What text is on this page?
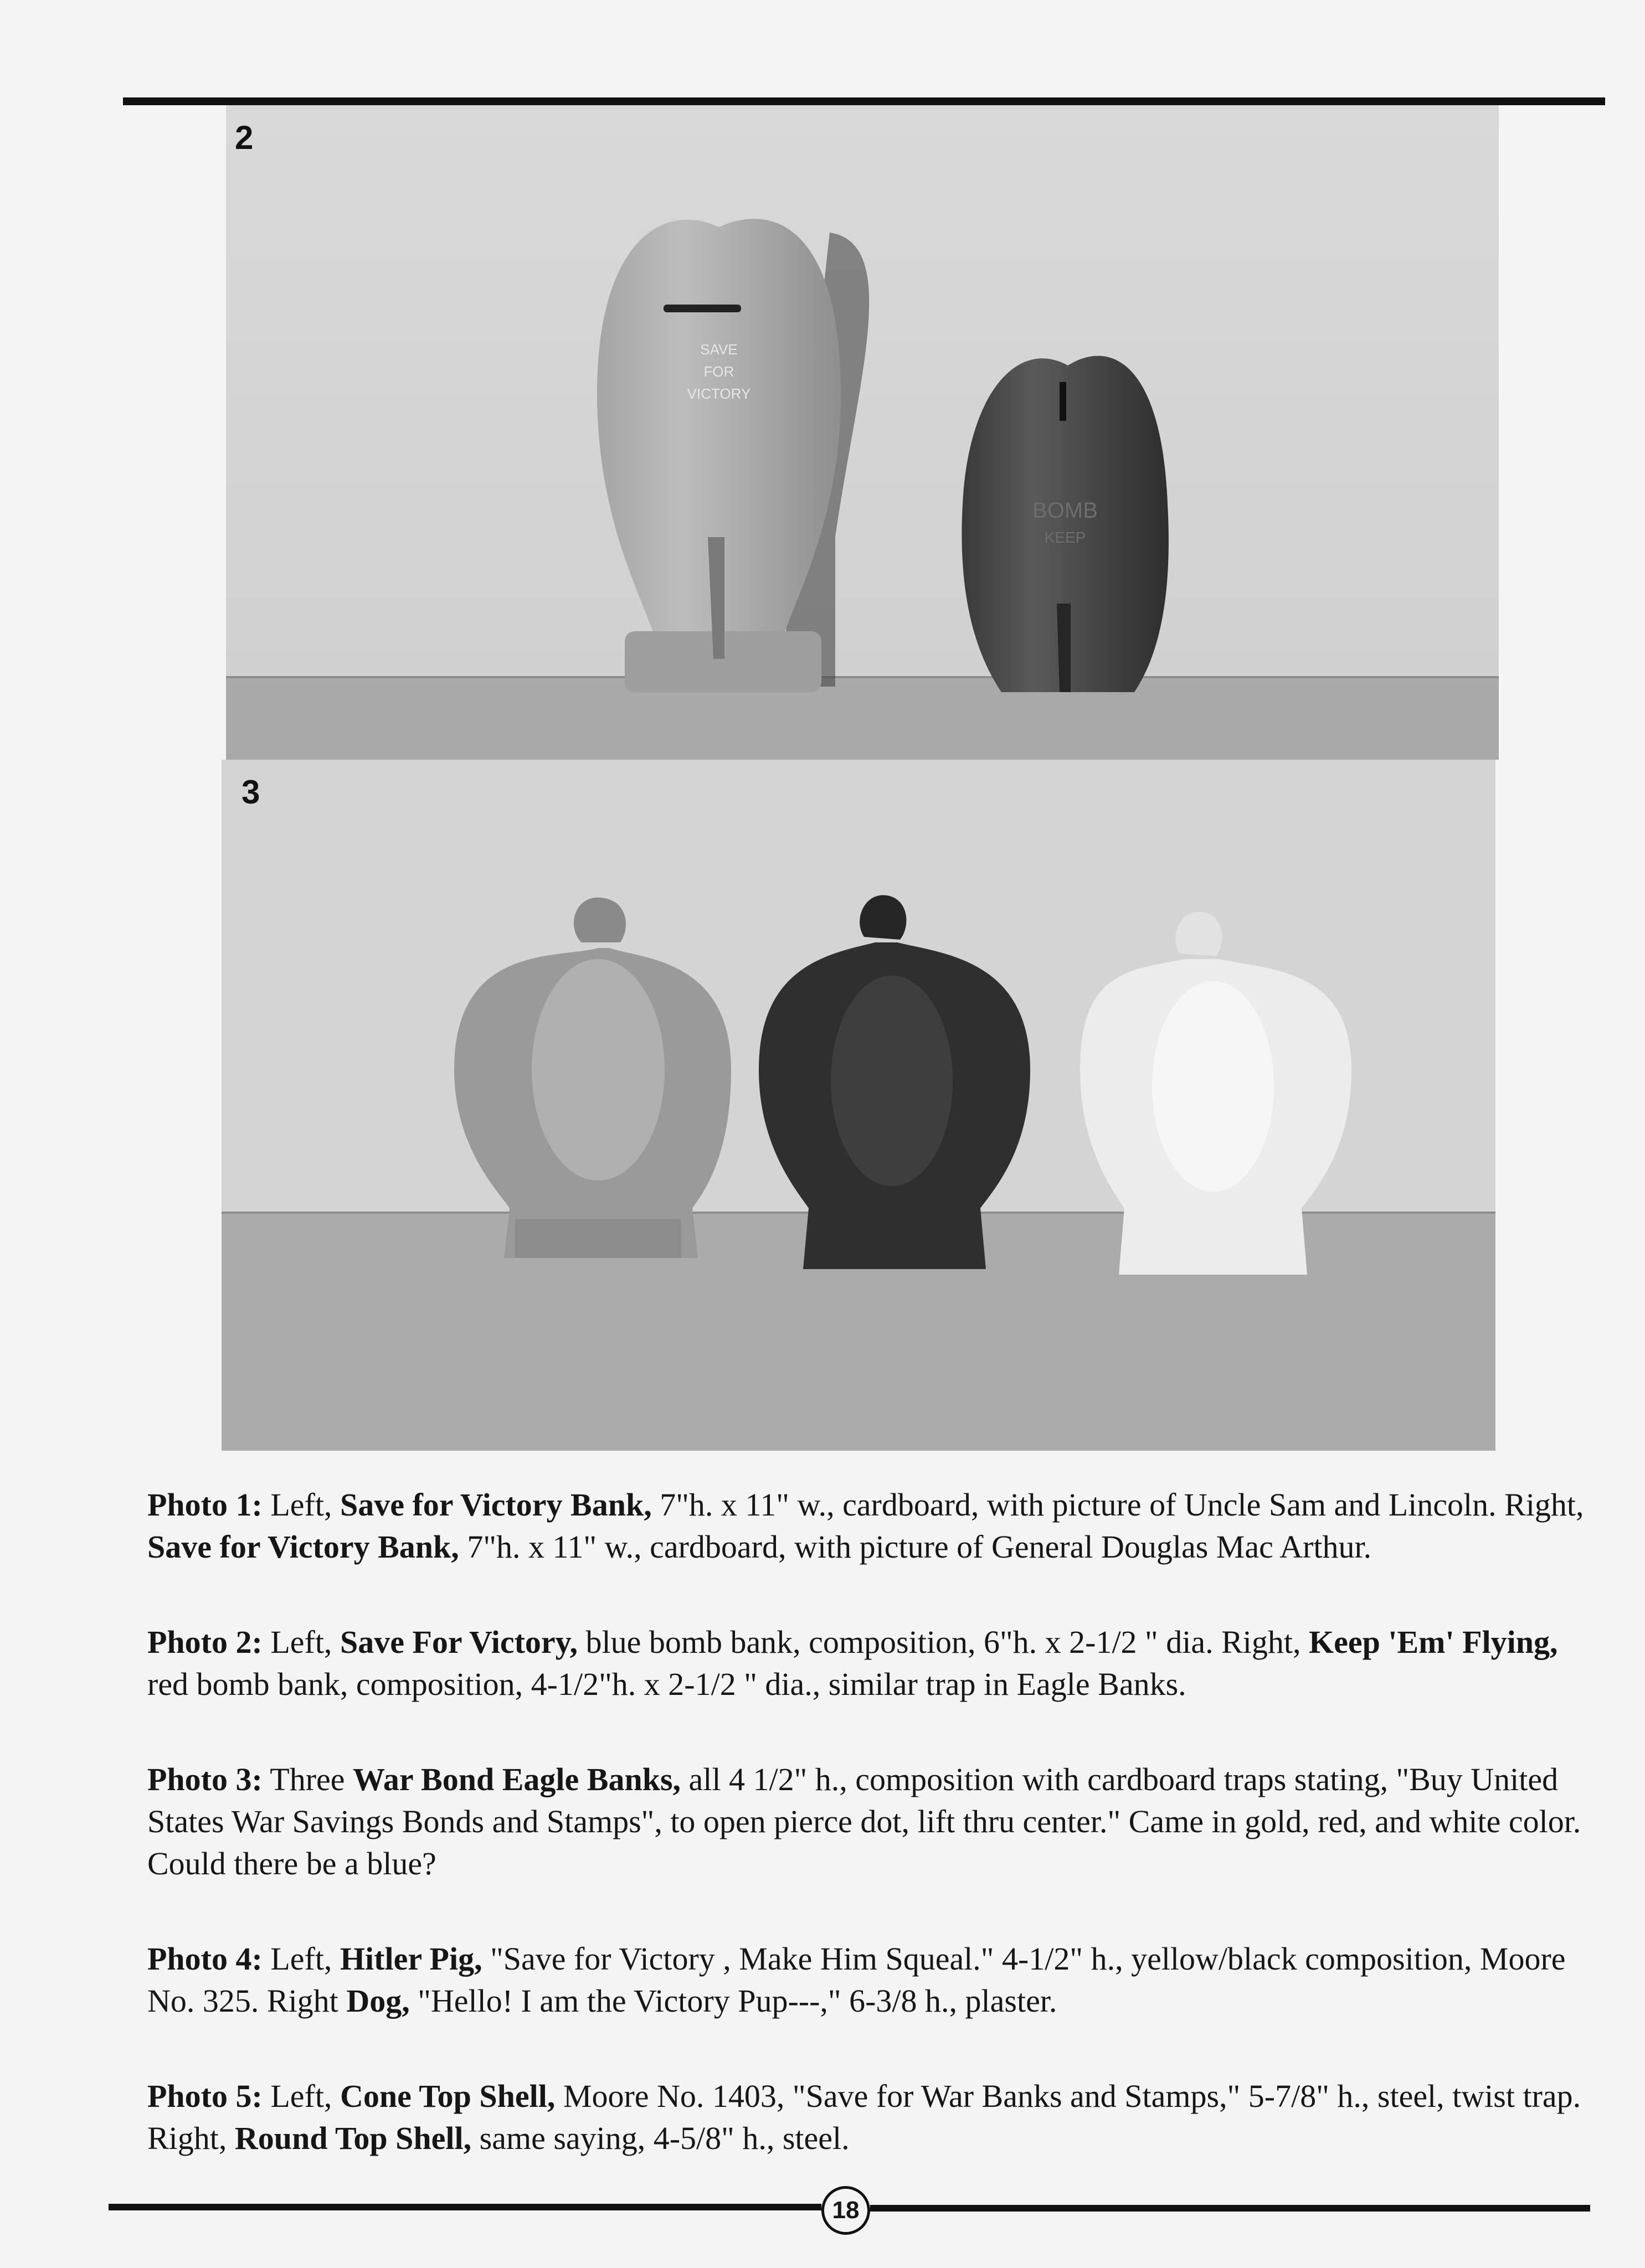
SAVE
FOR
VICTORY
BOMB
KEEP
2
3

Photo 1: Left, Save for Victory Bank, 7"h. x 11" w., cardboard, with picture of Uncle Sam and Lincoln. Right, Save for Victory Bank, 7"h. x 11" w., cardboard, with picture of General Douglas Mac Arthur.

Photo 2: Left, Save For Victory, blue bomb bank, composition, 6"h. x 2-1/2 " dia. Right, Keep 'Em' Flying, red bomb bank, composition, 4-1/2"h. x 2-1/2 " dia., similar trap in Eagle Banks.

Photo 3: Three War Bond Eagle Banks, all 4 1/2" h., composition with cardboard traps stating, "Buy United States War Savings Bonds and Stamps", to open pierce dot, lift thru center." Came in gold, red, and white color. Could there be a blue?

Photo 4: Left, Hitler Pig, "Save for Victory , Make Him Squeal." 4-1/2" h., yellow/black composition, Moore No. 325. Right Dog, "Hello! I am the Victory Pup---," 6-3/8 h., plaster.

Photo 5: Left, Cone Top Shell, Moore No. 1403, "Save for War Banks and Stamps," 5-7/8" h., steel, twist trap. Right, Round Top Shell, same saying, 4-5/8" h., steel.

18
